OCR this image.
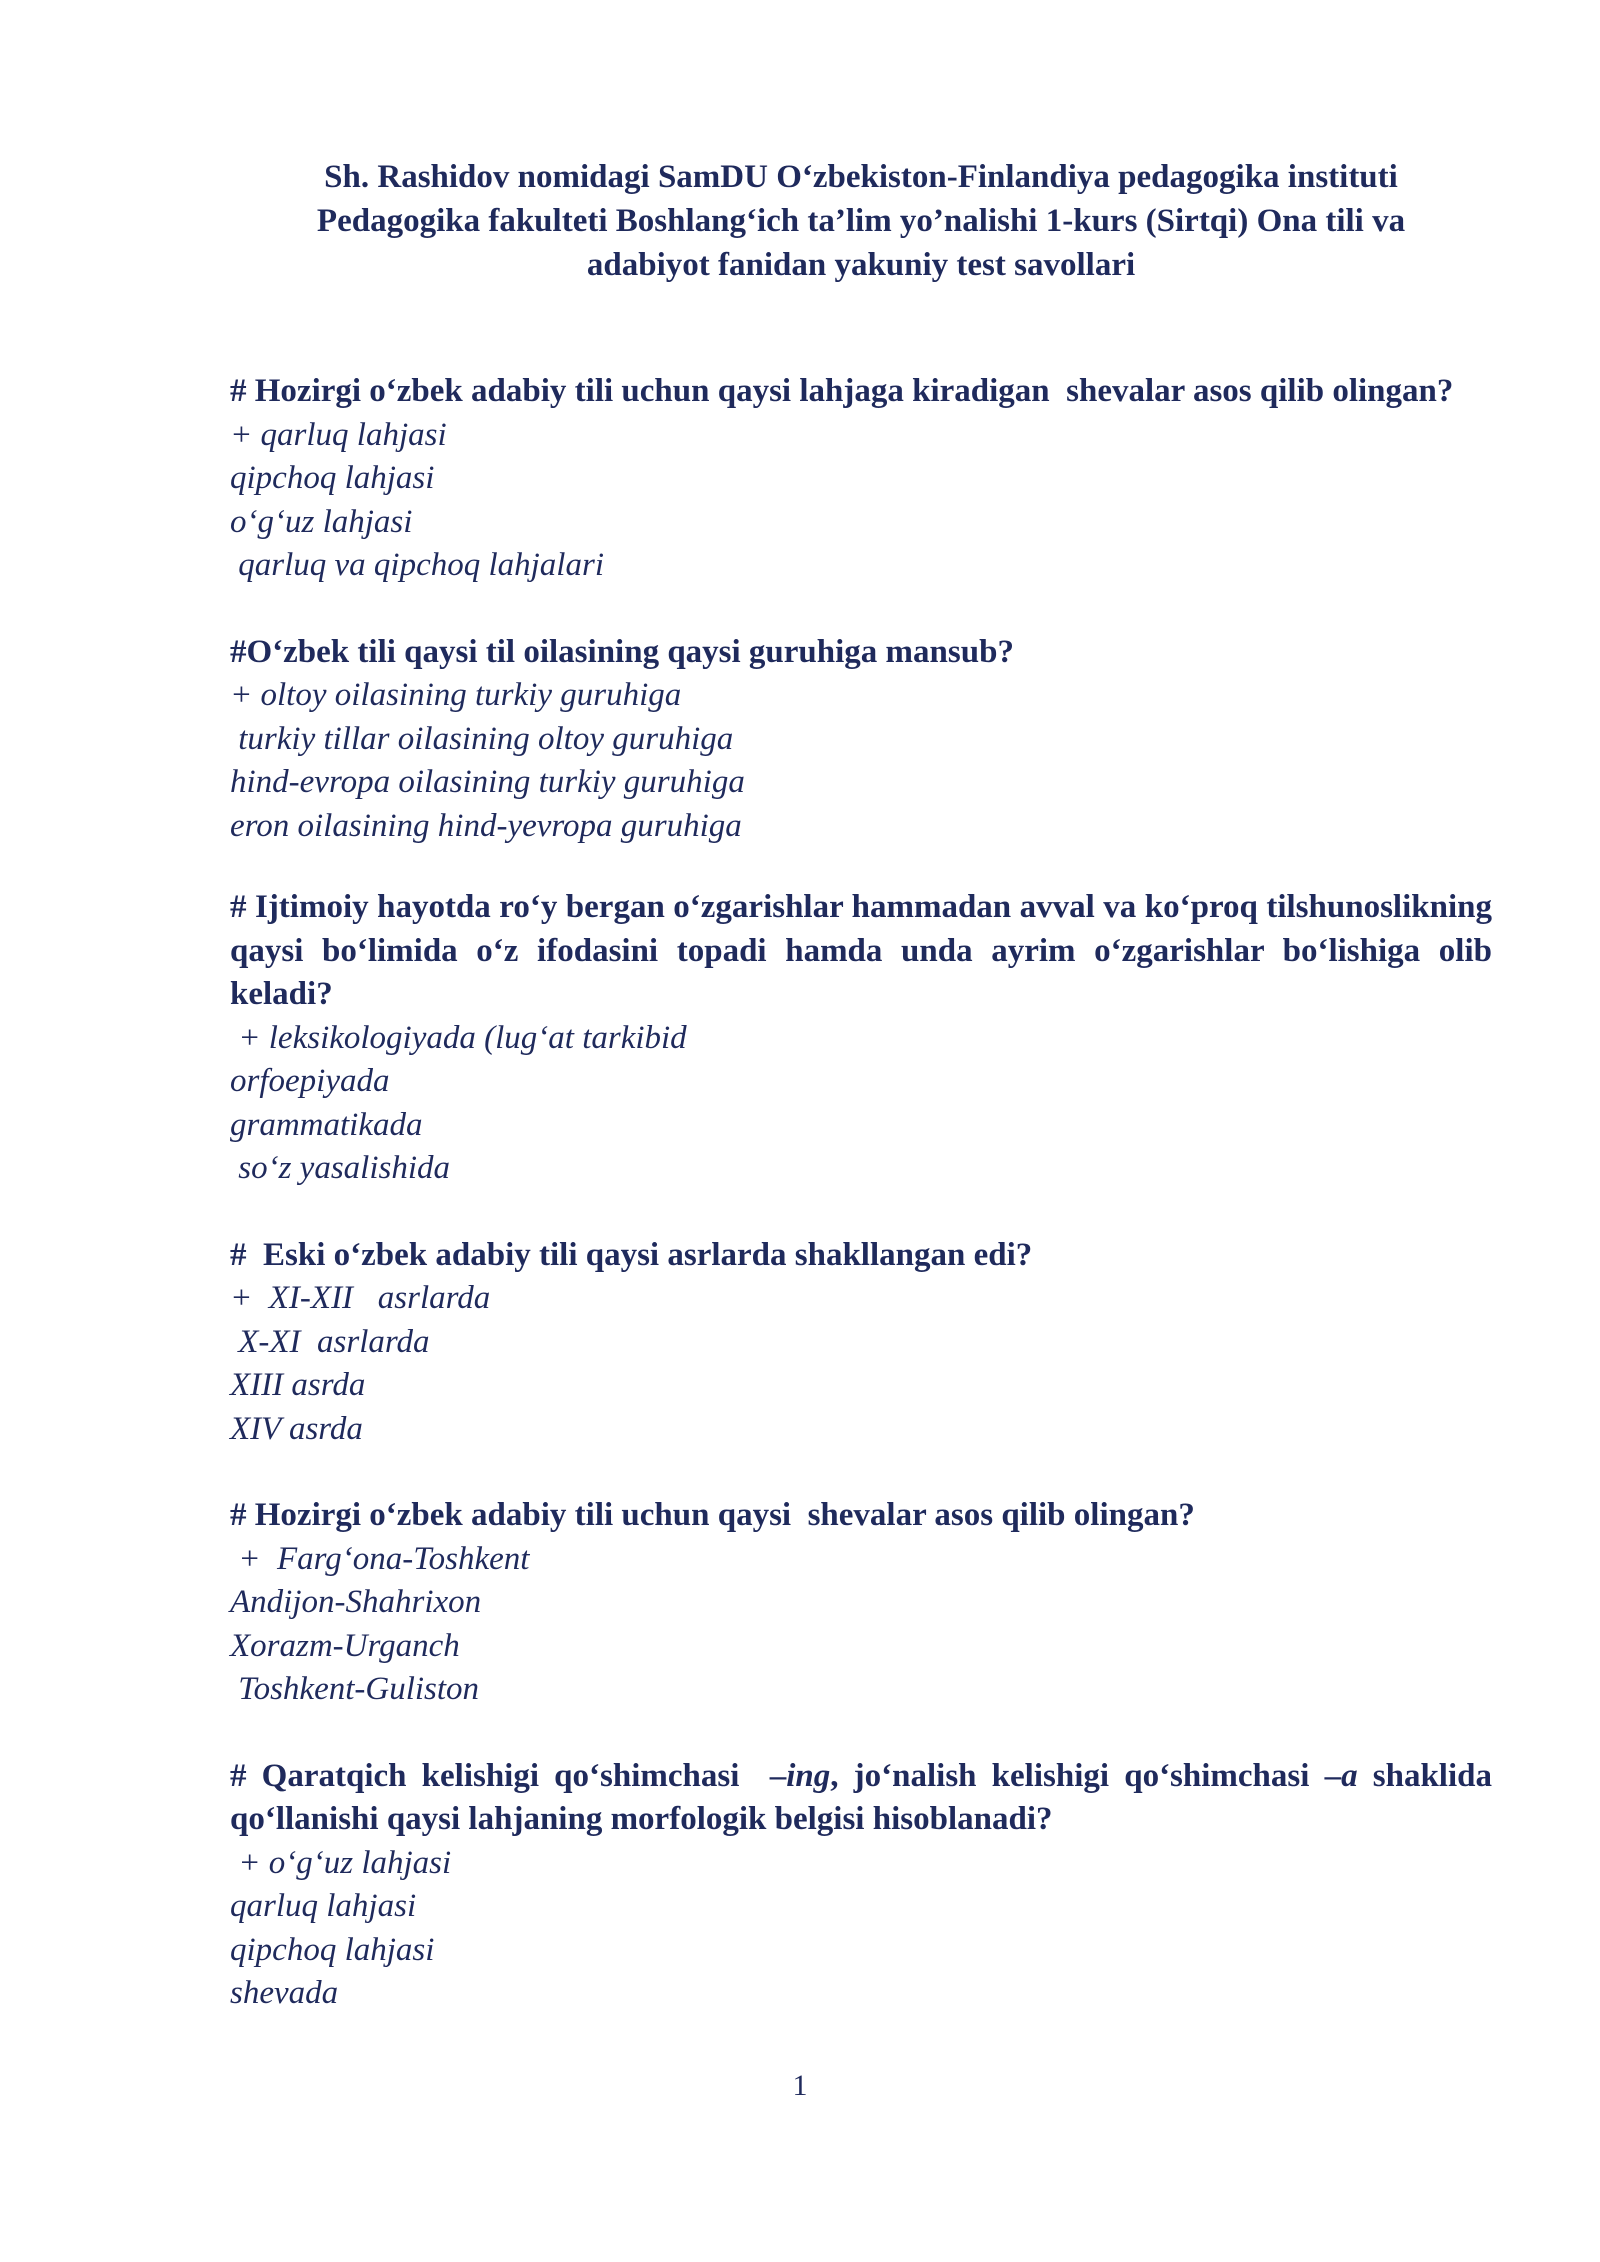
Sh. Rashidov nomidagi SamDU O‘zbekiston-Finlandiya pedagogika instituti
Pedagogika fakulteti Boshlang‘ich ta’lim yo’nalishi 1-kurs (Sirtqi) Ona tili va
adabiyot fanidan yakuniy test savollari

# Hozirgi o‘zbek adabiy tili uchun qaysi lahjaga kiradigan  shevalar asos qilib olingan?

+ qarluq lahjasi
qipchoq lahjasi
o‘g‘uz lahjasi
qarluq va qipchoq lahjalari

#O‘zbek tili qaysi til oilasining qaysi guruhiga mansub?

+ oltoy oilasining turkiy guruhiga
turkiy tillar oilasining oltoy guruhiga
hind-evropa oilasining turkiy guruhiga
eron oilasining hind-yevropa guruhiga

# Ijtimoiy hayotda ro‘y bergan o‘zgarishlar hammadan avval va ko‘proq tilshunoslikning qaysi bo‘limida o‘z ifodasini topadi hamda unda ayrim o‘zgarishlar bo‘lishiga olib keladi?

+ leksikologiyada (lug‘at tarkibid
orfoepiyada
grammatikada
so‘z yasalishida

#  Eski o‘zbek adabiy tili qaysi asrlarda shakllangan edi?

+  XI-XII   asrlarda
X-XI  asrlarda
XIII asrda
XIV asrda

# Hozirgi o‘zbek adabiy tili uchun qaysi  shevalar asos qilib olingan?

+  Farg‘ona-Toshkent
Andijon-Shahrixon
Xorazm-Urganch
Toshkent-Guliston

# Qaratqich kelishigi qo‘shimchasi  –ing, jo‘nalish kelishigi qo‘shimchasi –a shaklida qo‘llanishi qaysi lahjaning morfologik belgisi hisoblanadi?

+ o‘g‘uz lahjasi
qarluq lahjasi
qipchoq lahjasi
shevada
1
